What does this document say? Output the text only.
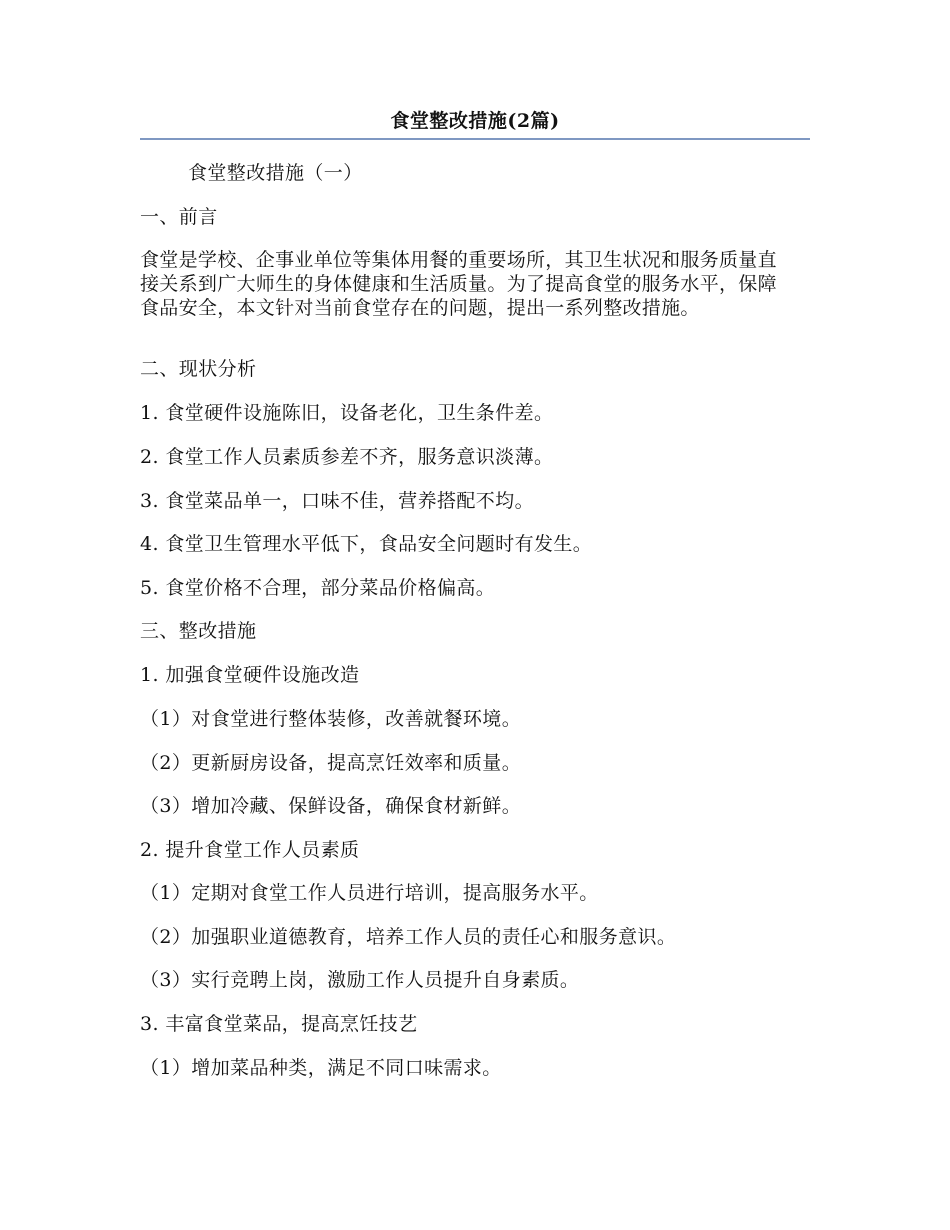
食堂整改措施(2篇)
食堂整改措施（一）
一、前言
食堂是学校、企事业单位等集体用餐的重要场所，其卫生状况和服务质量直接关系到广大师生的身体健康和生活质量。为了提高食堂的服务水平，保障食品安全，本文针对当前食堂存在的问题，提出一系列整改措施。
二、现状分析
1. 食堂硬件设施陈旧，设备老化，卫生条件差。
2. 食堂工作人员素质参差不齐，服务意识淡薄。
3. 食堂菜品单一，口味不佳，营养搭配不均。
4. 食堂卫生管理水平低下，食品安全问题时有发生。
5. 食堂价格不合理，部分菜品价格偏高。
三、整改措施
1. 加强食堂硬件设施改造
（1）对食堂进行整体装修，改善就餐环境。
（2）更新厨房设备，提高烹饪效率和质量。
（3）增加冷藏、保鲜设备，确保食材新鲜。
2. 提升食堂工作人员素质
（1）定期对食堂工作人员进行培训，提高服务水平。
（2）加强职业道德教育，培养工作人员的责任心和服务意识。
（3）实行竞聘上岗，激励工作人员提升自身素质。
3. 丰富食堂菜品，提高烹饪技艺
（1）增加菜品种类，满足不同口味需求。
